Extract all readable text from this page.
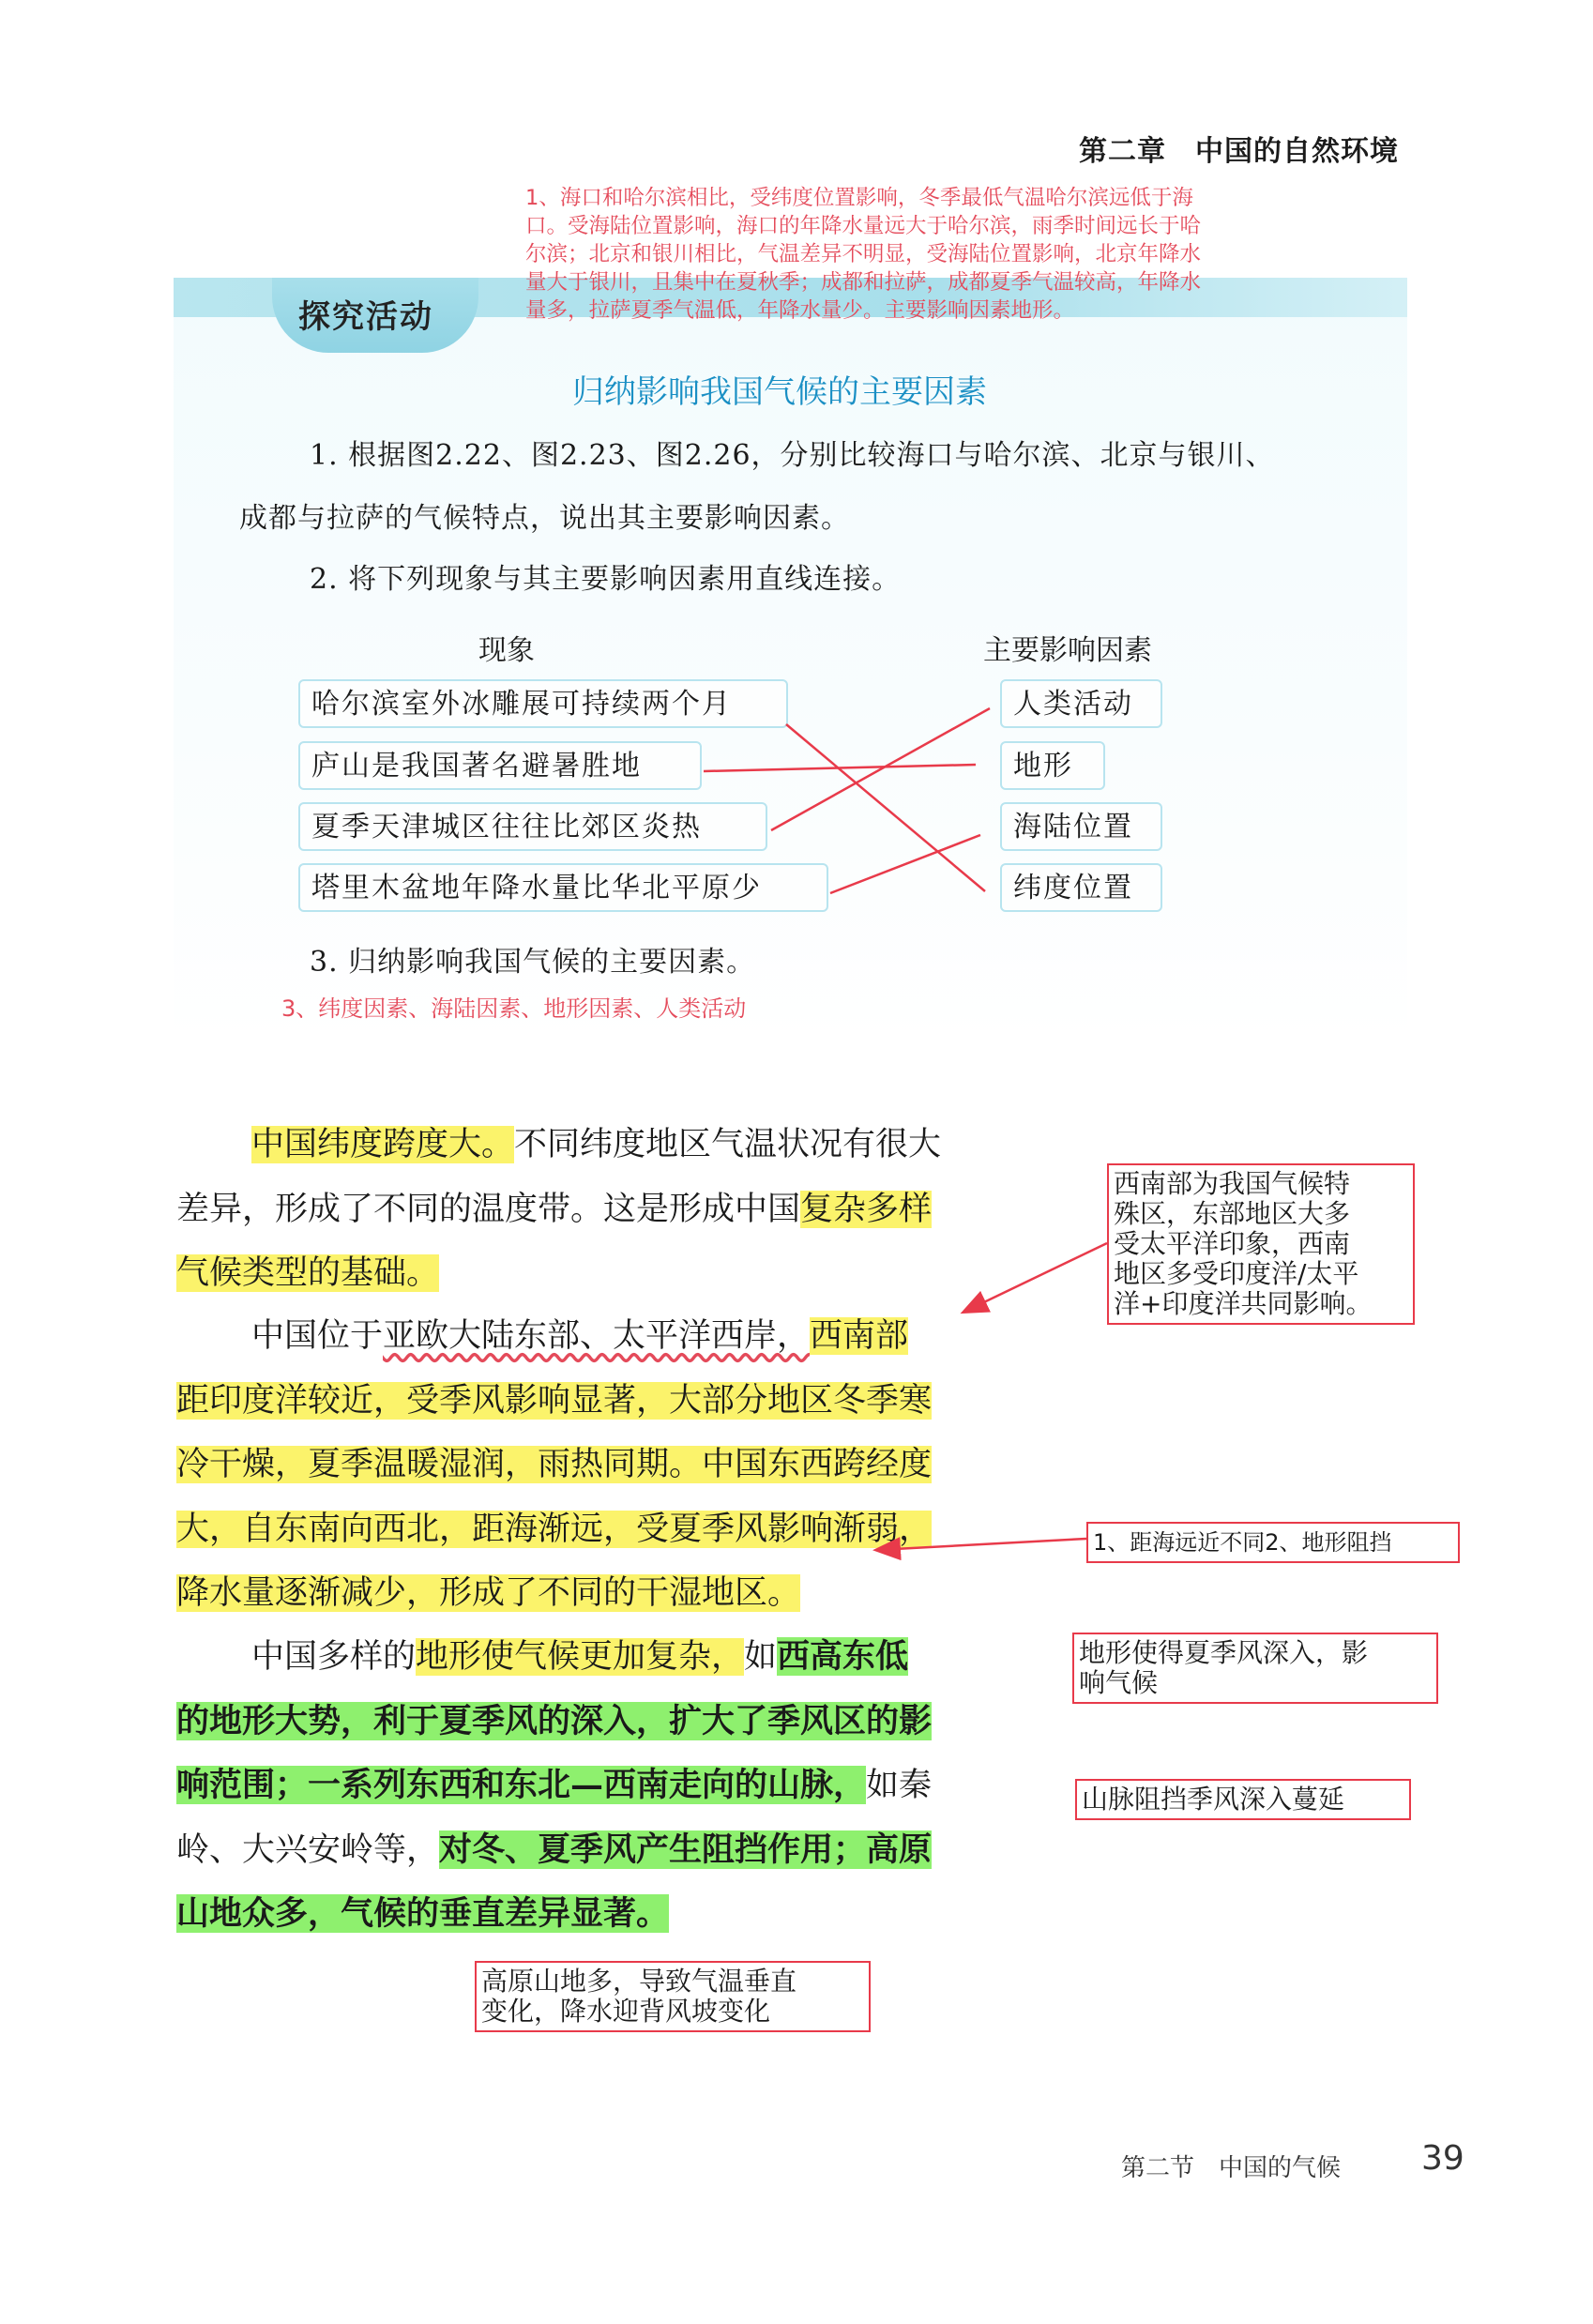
第二章　中国的自然环境
探究活动
1、海口和哈尔滨相比，受纬度位置影响，冬季最低气温哈尔滨远低于海
口。受海陆位置影响，海口的年降水量远大于哈尔滨，雨季时间远长于哈
尔滨；北京和银川相比，气温差异不明显，受海陆位置影响，北京年降水
量大于银川，且集中在夏秋季；成都和拉萨，成都夏季气温较高，年降水
量多，拉萨夏季气温低，年降水量少。主要影响因素地形。
归纳影响我国气候的主要因素
1. 根据图2.22、图2.23、图2.26，分别比较海口与哈尔滨、北京与银川、
成都与拉萨的气候特点，说出其主要影响因素。
2. 将下列现象与其主要影响因素用直线连接。
现象	主要影响因素
哈尔滨室外冰雕展可持续两个月
庐山是我国著名避暑胜地
夏季天津城区往往比郊区炎热
塔里木盆地年降水量比华北平原少
人类活动
地形
海陆位置
纬度位置
3. 归纳影响我国气候的主要因素。
3、纬度因素、海陆因素、地形因素、人类活动
中国纬度跨度大。不同纬度地区气温状况有很大
差异，形成了不同的温度带。这是形成中国复杂多样
气候类型的基础。
中国位于亚欧大陆东部、太平洋西岸，西南部
距印度洋较近，受季风影响显著，大部分地区冬季寒
冷干燥，夏季温暖湿润，雨热同期。中国东西跨经度
大，自东南向西北，距海渐远，受夏季风影响渐弱，
降水量逐渐减少，形成了不同的干湿地区。
中国多样的地形使气候更加复杂，如西高东低
的地形大势，利于夏季风的深入，扩大了季风区的影
响范围；一系列东西和东北—西南走向的山脉，如秦
岭、大兴安岭等，对冬、夏季风产生阻挡作用；高原
山地众多，气候的垂直差异显著。
西南部为我国气候特
殊区，东部地区大多
受太平洋印象，西南
地区多受印度洋/太平
洋+印度洋共同影响。
1、距海远近不同2、地形阻挡
地形使得夏季风深入，影
响气候
山脉阻挡季风深入蔓延
高原山地多，导致气温垂直
变化，降水迎背风坡变化
第二节　中国的气候 39
